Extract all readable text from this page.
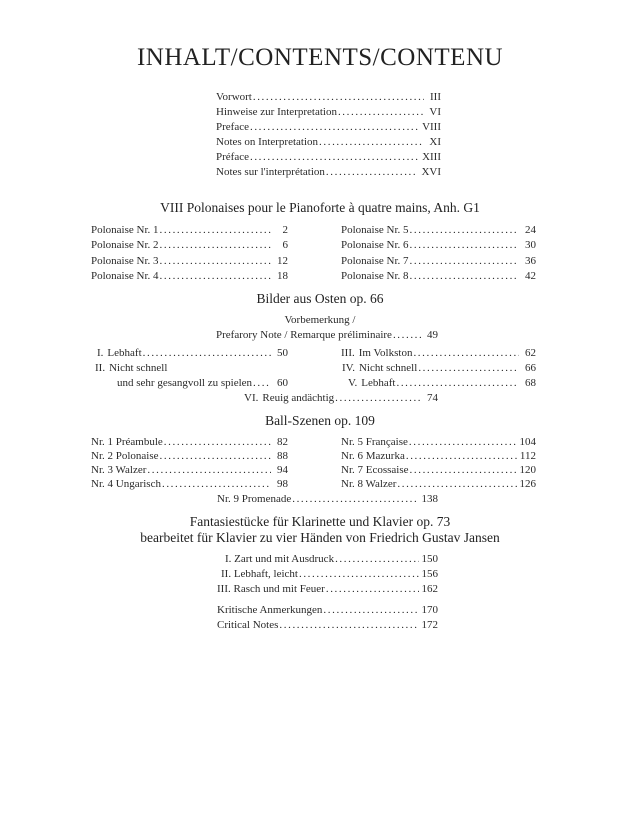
INHALT/CONTENTS/CONTENU
Vorwort .....	III
Hinweise zur Interpretation .....	VI
Preface .....	VIII
Notes on Interpretation .....	XI
Préface .....	XIII
Notes sur l'interprétation .....	XVI
VIII Polonaises pour le Pianoforte à quatre mains, Anh. G1
Polonaise Nr. 1 .....	2
Polonaise Nr. 2 .....	6
Polonaise Nr. 3 .....	12
Polonaise Nr. 4 .....	18
Polonaise Nr. 5 .....	24
Polonaise Nr. 6 .....	30
Polonaise Nr. 7 .....	36
Polonaise Nr. 8 .....	42
Bilder aus Osten op. 66
Vorbemerkung /
Prefarory Note / Remarque préliminaire .....	49
I. Lebhaft .....	50
II. Nicht schnell
und sehr gesangvoll zu spielen ..... 60
III. Im Volkston .....	62
IV. Nicht schnell .....	66
V. Lebhaft .....	68
VI. Reuig andächtig .....	74
Ball-Szenen op. 109
Nr. 1 Préambule .....	82
Nr. 2 Polonaise .....	88
Nr. 3 Walzer .....	94
Nr. 4 Ungarisch .....	98
Nr. 5 Française .....	104
Nr. 6 Mazurka .....	112
Nr. 7 Ecossaise .....	120
Nr. 8 Walzer .....	126
Nr. 9 Promenade .....	138
Fantasiestücke für Klarinette und Klavier op. 73
bearbeitet für Klavier zu vier Händen von Friedrich Gustav Jansen
I. Zart und mit Ausdruck .....	150
II. Lebhaft, leicht .....	156
III. Rasch und mit Feuer .....	162
Kritische Anmerkungen .....	170
Critical Notes .....	172
